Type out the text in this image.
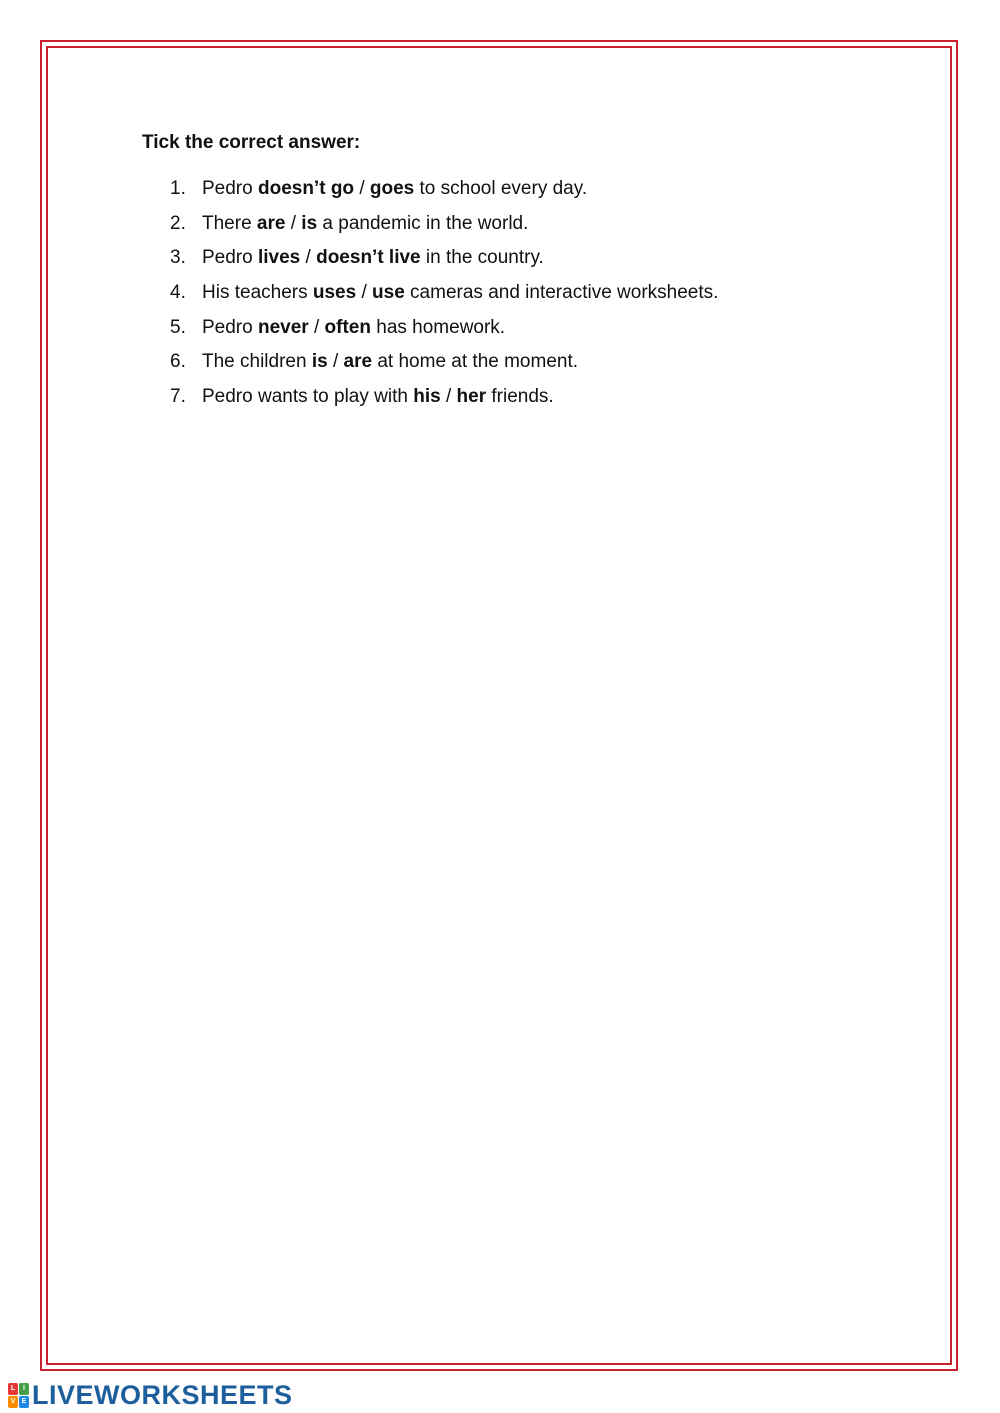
Tick the correct answer:
1. Pedro doesn’t go / goes to school every day.
2. There are / is a pandemic in the world.
3. Pedro lives / doesn’t live in the country.
4. His teachers uses / use cameras and interactive worksheets.
5. Pedro never / often has homework.
6. The children is / are at home at the moment.
7. Pedro wants to play with his / her friends.
L	I
V E LIVEWORKSHEETS
